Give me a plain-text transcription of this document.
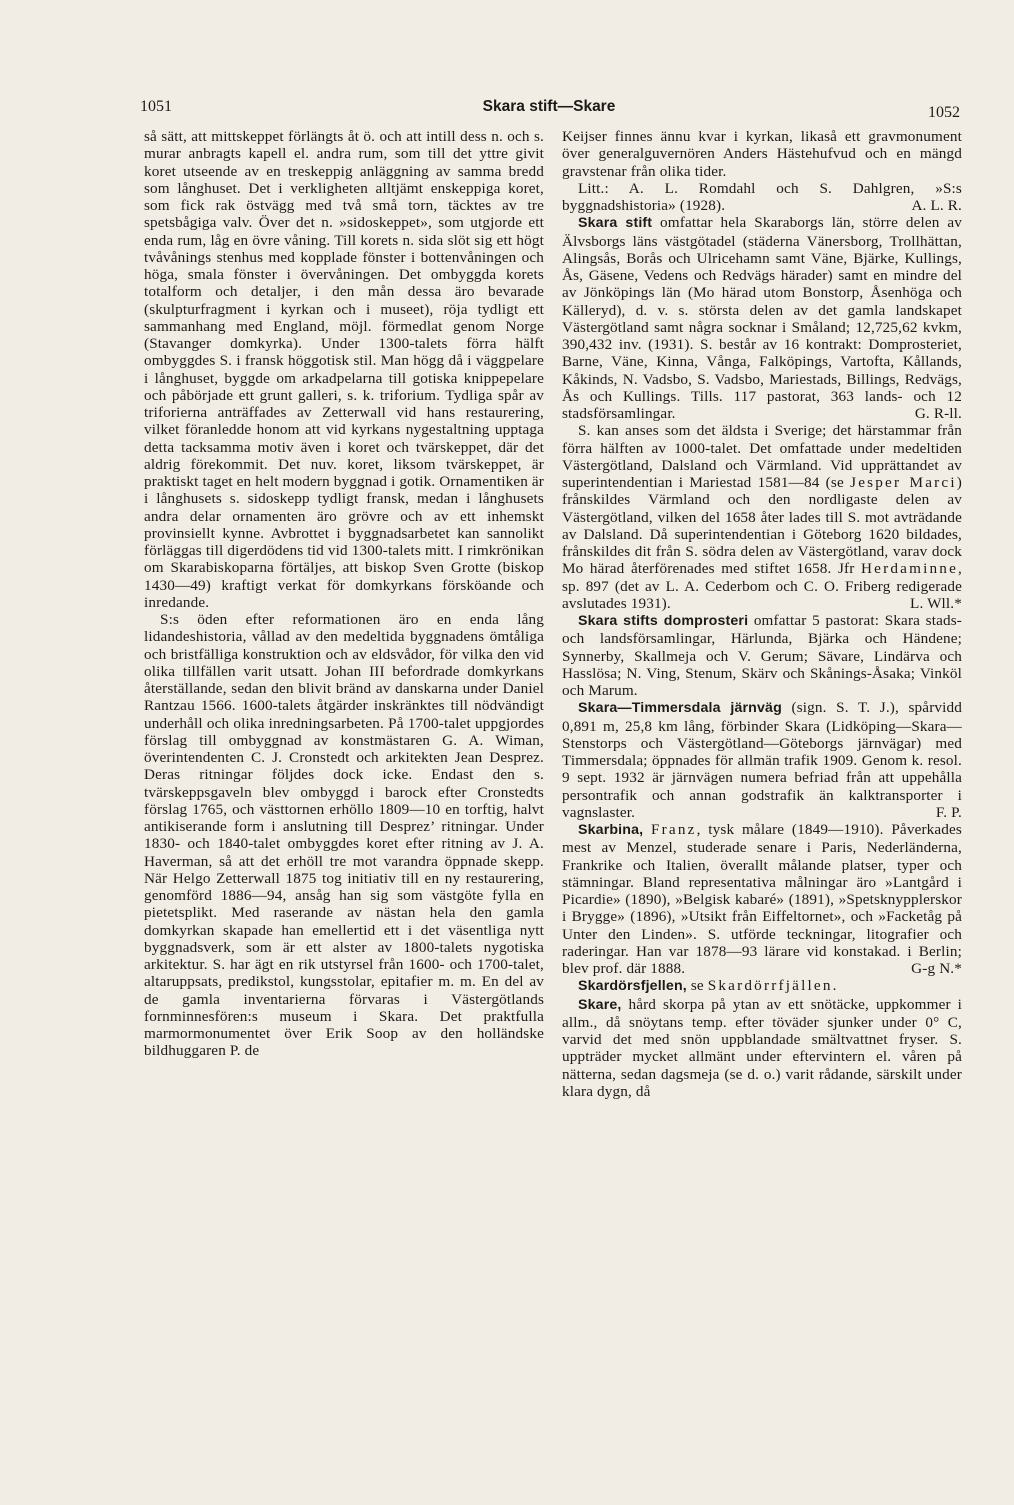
1051	Skara stift—Skare	1052

så sätt, att mittskeppet förlängts åt ö. och att intill dess n. och s. murar anbragts kapell el. andra rum, som till det yttre givit koret utseende av en treskeppig anläggning av samma bredd som långhuset. Det i verkligheten alltjämt enskeppiga koret, som fick rak östvägg med två små torn, täcktes av tre spetsbågiga valv. Över det n. »sidoskeppet», som utgjorde ett enda rum, låg en övre våning. Till korets n. sida slöt sig ett högt tvåvånings stenhus med kopplade fönster i bottenvåningen och höga, smala fönster i övervåningen. Det ombyggda korets totalform och detaljer, i den mån dessa äro bevarade (skulpturfragment i kyrkan och i museet), röja tydligt ett sammanhang med England, möjl. förmedlat genom Norge (Stavanger domkyrka). Under 1300-talets förra hälft ombyggdes S. i fransk höggotisk stil. Man högg då i väggpelare i långhuset, byggde om arkadpelarna till gotiska knippepelare och påbörjade ett grunt galleri, s. k. triforium. Tydliga spår av triforierna anträffades av Zetterwall vid hans restaurering, vilket föranledde honom att vid kyrkans nygestaltning upptaga detta tacksamma motiv även i koret och tvärskeppet, där det aldrig förekommit. Det nuv. koret, liksom tvärskeppet, är praktiskt taget en helt modern byggnad i gotik. Ornamentiken är i långhusets s. sidoskepp tydligt fransk, medan i långhusets andra delar ornamenten äro grövre och av ett inhemskt provinsiellt kynne. Avbrottet i byggnadsarbetet kan sannolikt förläggas till digerdödens tid vid 1300-talets mitt. I rimkrönikan om Skarabiskoparna förtäljes, att biskop Sven Grotte (biskop 1430—49) kraftigt verkat för domkyrkans försköande och inredande.

S:s öden efter reformationen äro en enda lång lidandeshistoria, vållad av den medeltida byggnadens ömtåliga och bristfälliga konstruktion och av eldsvådor, för vilka den vid olika tillfällen varit utsatt. Johan III befordrade domkyrkans återställande, sedan den blivit bränd av danskarna under Daniel Rantzau 1566. 1600-talets åtgärder inskränktes till nödvändigt underhåll och olika inredningsarbeten. På 1700-talet uppgjordes förslag till ombyggnad av konstmästaren G. A. Wiman, överintendenten C. J. Cronstedt och arkitekten Jean Desprez. Deras ritningar följdes dock icke. Endast den s. tvärskeppsgaveln blev ombyggd i barock efter Cronstedts förslag 1765, och västtornen erhöllo 1809—10 en torftig, halvt antikiserande form i anslutning till Desprez’ ritningar. Under 1830- och 1840-talet ombyggdes koret efter ritning av J. A. Haverman, så att det erhöll tre mot varandra öppnade skepp. När Helgo Zetterwall 1875 tog initiativ till en ny restaurering, genomförd 1886—94, ansåg han sig som västgöte fylla en pietetsplikt. Med raserande av nästan hela den gamla domkyrkan skapade han emellertid ett i det väsentliga nytt byggnadsverk, som är ett alster av 1800-talets nygotiska arkitektur. S. har ägt en rik utstyrsel från 1600- och 1700-talet, altaruppsats, predikstol, kungsstolar, epitafier m. m. En del av de gamla inventarierna förvaras i Västergötlands fornminnesfören:s museum i Skara. Det praktfulla marmormonumentet över Erik Soop av den holländske bildhuggaren P. de

Keijser finnes ännu kvar i kyrkan, likaså ett gravmonument över generalguvernören Anders Hästehufvud och en mängd gravstenar från olika tider.

Litt.: A. L. Romdahl och S. Dahlgren, »S:s byggnadshistoria» (1928).	A. L. R.

Skara stift omfattar hela Skaraborgs län, större delen av Älvsborgs läns västgötadel (städerna Vänersborg, Trollhättan, Alingsås, Borås och Ulricehamn samt Väne, Bjärke, Kullings, Ås, Gäsene, Vedens och Redvägs härader) samt en mindre del av Jönköpings län (Mo härad utom Bonstorp, Åsenhöga och Källeryd), d. v. s. största delen av det gamla landskapet Västergötland samt några socknar i Småland; 12,725,62 kvkm, 390,432 inv. (1931). S. består av 16 kontrakt: Domprosteriet, Barne, Väne, Kinna, Vånga, Falköpings, Vartofta, Kållands, Kåkinds, N. Vadsbo, S. Vadsbo, Mariestads, Billings, Redvägs, Ås och Kullings. Tills. 117 pastorat, 363 lands- och 12 stadsförsamlingar.	G. R-ll.

S. kan anses som det äldsta i Sverige; det härstammar från förra hälften av 1000-talet. Det omfattade under medeltiden Västergötland, Dalsland och Värmland. Vid upprättandet av superintendentian i Mariestad 1581—84 (se Jesper Marci) frånskildes Värmland och den nordligaste delen av Västergötland, vilken del 1658 åter lades till S. mot avträdande av Dalsland. Då superintendentian i Göteborg 1620 bildades, frånskildes dit från S. södra delen av Västergötland, varav dock Mo härad återförenades med stiftet 1658. Jfr Herdaminne, sp. 897 (det av L. A. Cederbom och C. O. Friberg redigerade avslutades 1931).	L. Wll.*

Skara stifts domprosteri omfattar 5 pastorat: Skara stads- och landsförsamlingar, Härlunda, Bjärka och Händene; Synnerby, Skallmeja och V. Gerum; Sävare, Lindärva och Hasslösa; N. Ving, Stenum, Skärv och Skånings-Åsaka; Vinköl och Marum.

Skara—Timmersdala järnväg (sign. S. T. J.), spårvidd 0,891 m, 25,8 km lång, förbinder Skara (Lidköping—Skara—Stenstorps och Västergötland—Göteborgs järnvägar) med Timmersdala; öppnades för allmän trafik 1909. Genom k. resol. 9 sept. 1932 är järnvägen numera befriad från att uppehålla persontrafik och annan godstrafik än kalktransporter i vagnslaster.	F. P.

Skarbina, Franz, tysk målare (1849—1910). Påverkades mest av Menzel, studerade senare i Paris, Nederländerna, Frankrike och Italien, överallt målande platser, typer och stämningar. Bland representativa målningar äro »Lantgård i Picardie» (1890), »Belgisk kabaré» (1891), »Spetsknypplerskor i Brygge» (1896), »Utsikt från Eiffeltornet», och »Facketåg på Unter den Linden». S. utförde teckningar, litografier och raderingar. Han var 1878—93 lärare vid konstakad. i Berlin; blev prof. där 1888.	G-g N.*

Skardörsfjellen, se Skardörrfjällen.

Skare, hård skorpa på ytan av ett snötäcke, uppkommer i allm., då snöytans temp. efter töväder sjunker under 0° C, varvid det med snön uppblandade smältvattnet fryser. S. uppträder mycket allmänt under eftervintern el. våren på nätterna, sedan dagsmeja (se d. o.) varit rådande, särskilt under klara dygn, då
